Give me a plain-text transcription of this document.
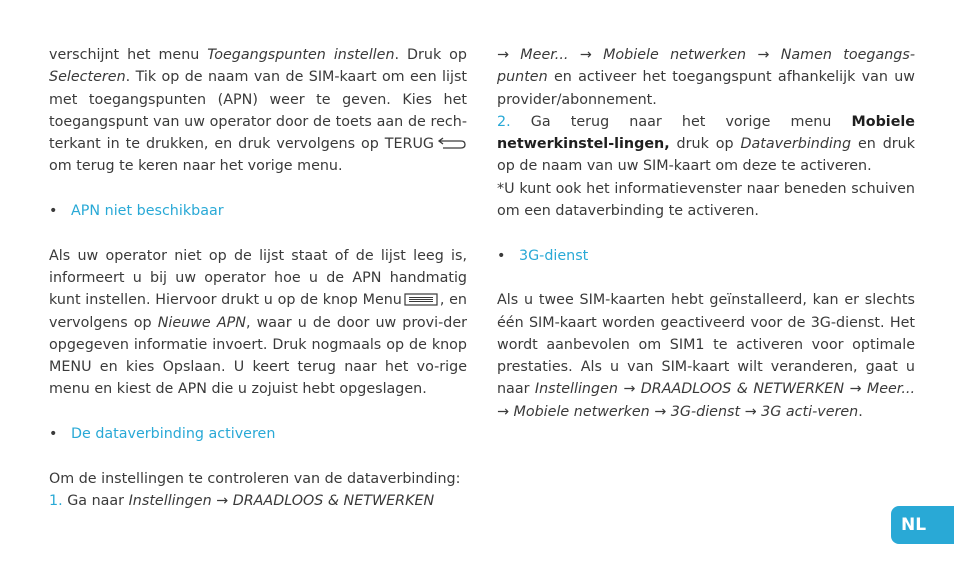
verschijnt het menu Toegangspunten instellen. Druk op Selecteren. Tik op de naam van de SIM-kaart om een lijst met toegangspunten (APN) weer te geven. Kies het toegangspunt van uw operator door de toets aan de rech-terkant in te drukken, en druk vervolgens op TERUG om terug te keren naar het vorige menu.

• APN niet beschikbaar

Als uw operator niet op de lijst staat of de lijst leeg is, informeert u bij uw operator hoe u de APN handmatig kunt instellen. Hiervoor drukt u op de knop Menu	, en vervolgens op Nieuwe APN, waar u de door uw provi-der opgegeven informatie invoert. Druk nogmaals op de knop MENU en kies Opslaan. U keert terug naar het vo-rige menu en kiest de APN die u zojuist hebt opgeslagen.

• De dataverbinding activeren

Om de instellingen te controleren van de dataverbinding:

1. Ga naar Instellingen → DRAADLOOS & NETWERKEN

→ Meer... → Mobiele netwerken → Namen toegangs-punten en activeer het toegangspunt afhankelijk van uw provider/abonnement.

2. Ga terug naar het vorige menu Mobiele netwerkinstel-lingen, druk op Dataverbinding en druk op de naam van uw SIM-kaart om deze te activeren.

*U kunt ook het informatievenster naar beneden schuiven om een dataverbinding te activeren.

• 3G-dienst

Als u twee SIM-kaarten hebt geïnstalleerd, kan er slechts één SIM-kaart worden geactiveerd voor de 3G-dienst. Het wordt aanbevolen om SIM1 te activeren voor optimale prestaties. Als u van SIM-kaart wilt veranderen, gaat u naar Instellingen → DRAADLOOS & NETWERKEN → Meer... → Mobiele netwerken → 3G-dienst → 3G acti-veren.

NL
